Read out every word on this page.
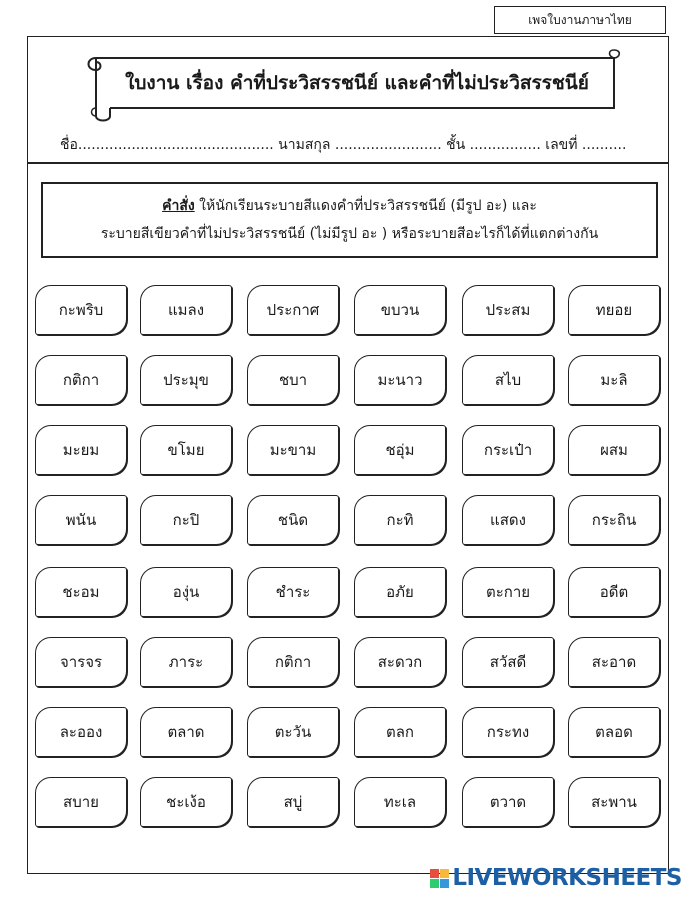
เพจใบงานภาษาไทย
ใบงาน เรื่อง คำที่ประวิสรรชนีย์ และคำที่ไม่ประวิสรรชนีย์
ชื่อ............................................ นามสกุล ........................ ชั้น ................ เลขที่ ..........
คำสั่ง ให้นักเรียนระบายสีแดงคำที่ประวิสรรชนีย์ (มีรูป อะ) และ
ระบายสีเขียวคำที่ไม่ประวิสรรชนีย์ (ไม่มีรูป อะ ) หรือระบายสีอะไรก็ได้ที่แตกต่างกัน
กะพริบ	แมลง	ประกาศ	ขบวน	ประสม	ทยอย
กติกา	ประมุข	ชบา	มะนาว	สไบ	มะลิ
มะยม	ขโมย	มะขาม	ชอุ่ม	กระเป๋า	ผสม
พนัน	กะปิ	ชนิด	กะทิ	แสดง	กระถิน
ชะอม	องุ่น	ชำระ	อภัย	ตะกาย	อดีต
จารจร	ภาระ	กติกา	สะดวก	สวัสดี	สะอาด
ละออง	ตลาด	ตะวัน	ตลก	กระทง	ตลอด
สบาย	ชะเง้อ	สบู่	ทะเล	ตวาด	สะพาน
LIVEWORKSHEETS
